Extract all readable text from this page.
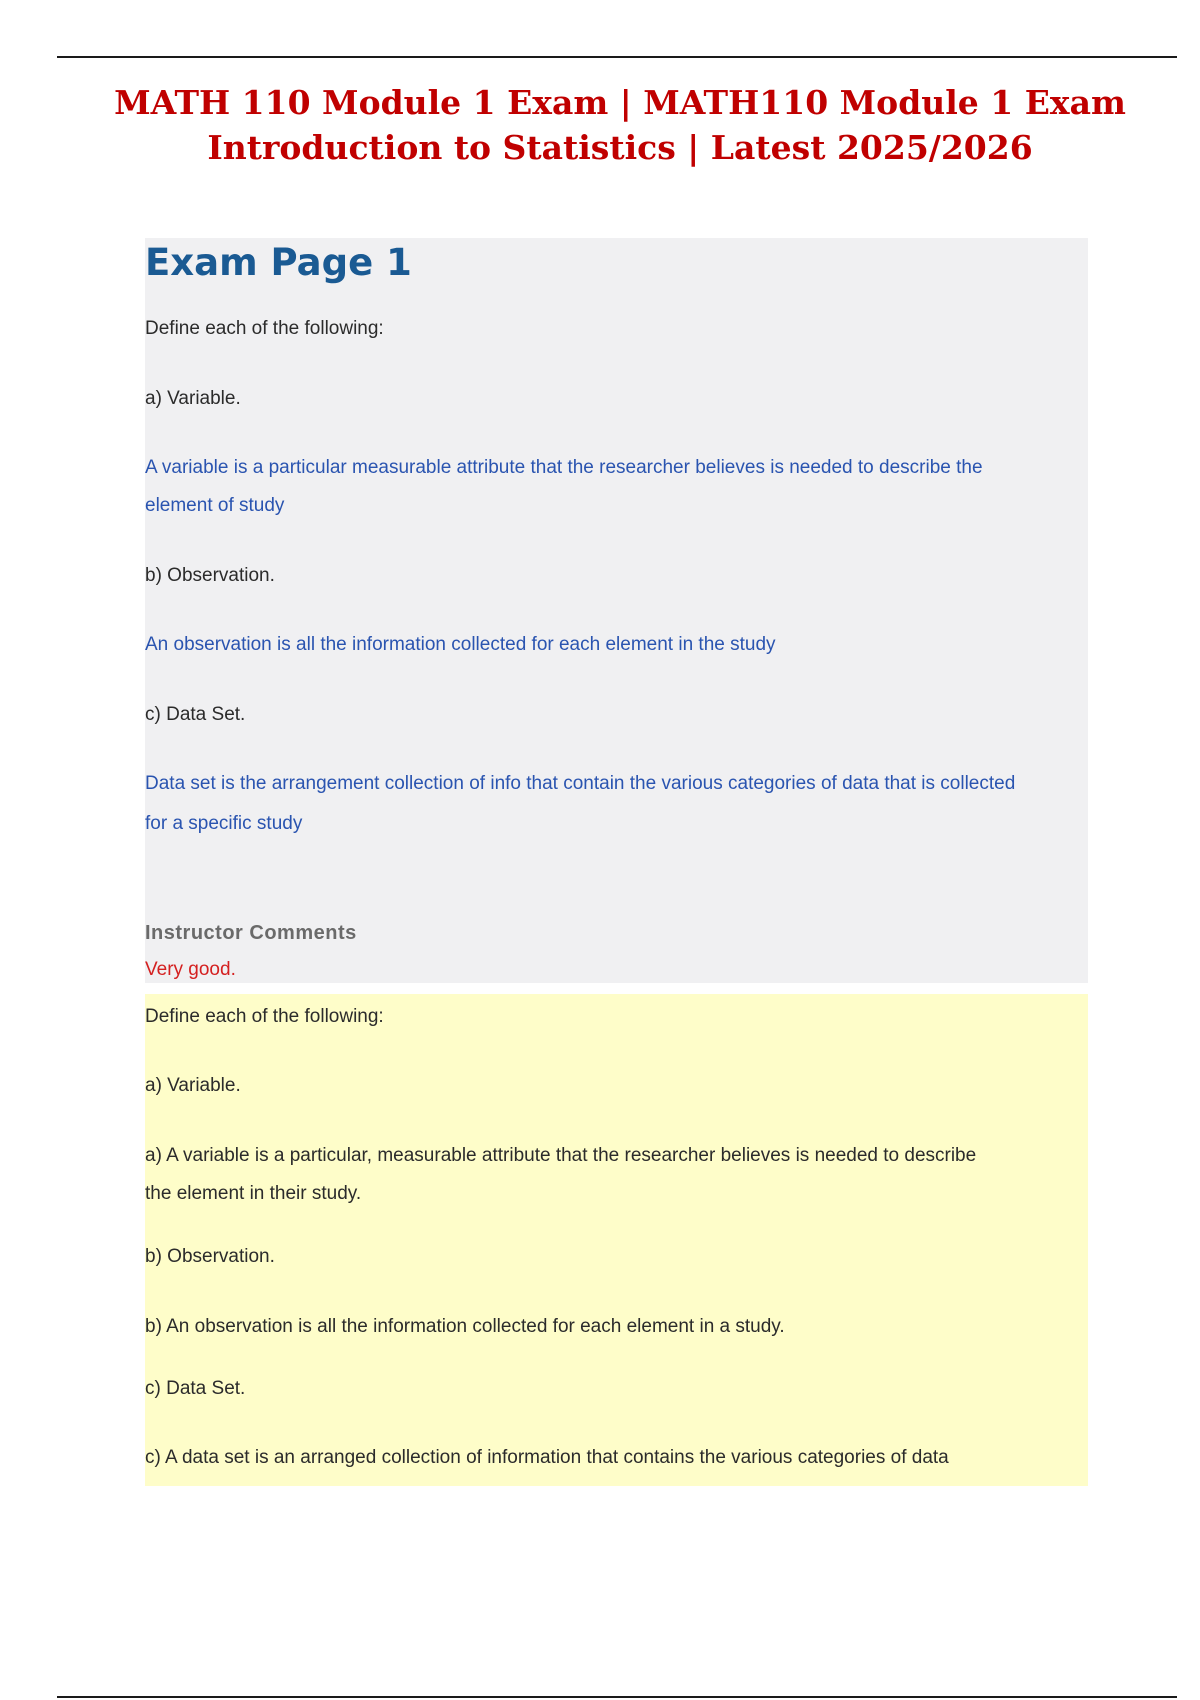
MATH 110 Module 1 Exam | MATH110 Module 1 Exam
Introduction to Statistics | Latest 2025/2026
Exam Page 1

Define each of the following:

a) Variable.

A variable is a particular measurable attribute that the researcher believes is needed to describe the

element of study

b) Observation.

An observation is all the information collected for each element in the study

c) Data Set.

Data set is the arrangement collection of info that contain the various categories of data that is collected

for a specific study

Instructor Comments

Very good.

Define each of the following:

a) Variable.

a) A variable is a particular, measurable attribute that the researcher believes is needed to describe

the element in their study.

b) Observation.

b) An observation is all the information collected for each element in a study.

c) Data Set.

c) A data set is an arranged collection of information that contains the various categories of data
